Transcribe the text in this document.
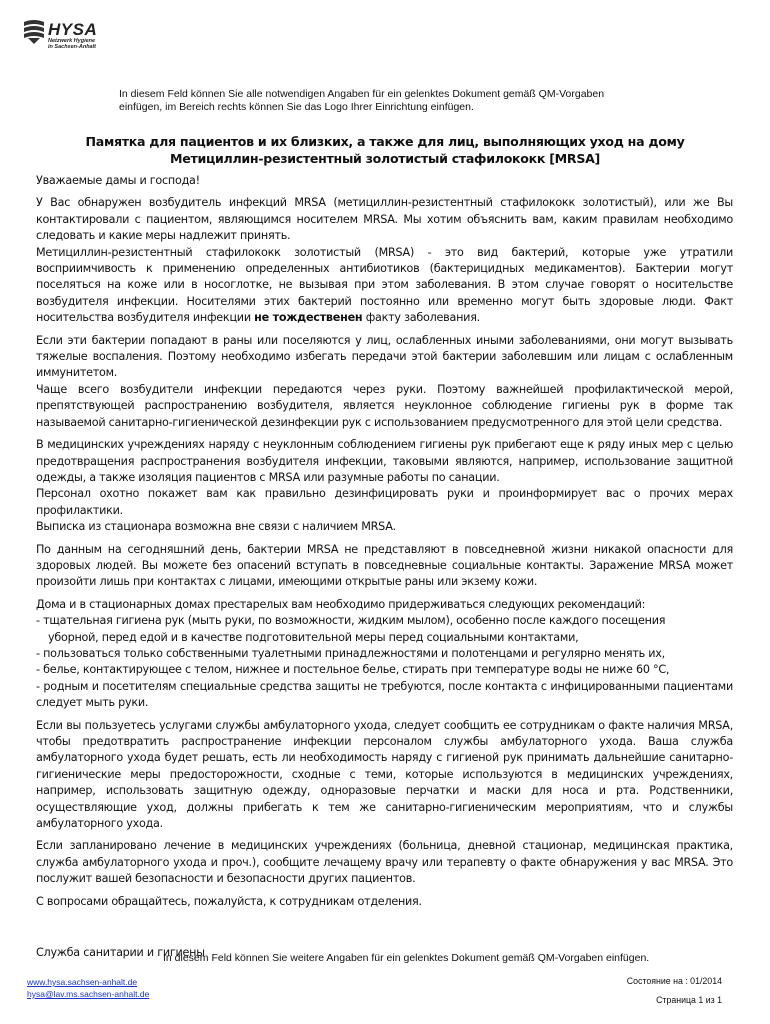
HYSA
Netzwerk Hygiene
in Sachsen-Anhalt
In diesem Feld können Sie alle notwendigen Angaben für ein gelenktes Dokument gemäß QM-Vorgaben einfügen, im Bereich rechts können Sie das Logo Ihrer Einrichtung einfügen.
Памятка для пациентов и их близких, а также для лиц, выполняющих уход на дому
Метициллин-резистентный золотистый стафилококк [MRSA]

Уважаемые дамы и господа!

У Вас обнаружен возбудитель инфекций MRSA (метициллин-резистентный стафилококк золотистый), или же Вы контактировали с пациентом, являющимся носителем MRSA. Мы хотим объяснить вам, каким правилам необходимо следовать и какие меры надлежит принять.
Метициллин-резистентный стафилококк золотистый (MRSA) - это вид бактерий, которые уже утратили восприимчивость к применению определенных антибиотиков (бактерицидных медикаментов). Бактерии могут поселяться на коже или в носоглотке, не вызывая при этом заболевания. В этом случае говорят о носительстве возбудителя инфекции. Носителями этих бактерий постоянно или временно могут быть здоровые люди. Факт носительства возбудителя инфекции не тождественен факту заболевания.

Если эти бактерии попадают в раны или поселяются у лиц, ослабленных иными заболеваниями, они могут вызывать тяжелые воспаления. Поэтому необходимо избегать передачи этой бактерии заболевшим или лицам с ослабленным иммунитетом.
Чаще всего возбудители инфекции передаются через руки. Поэтому важнейшей профилактической мерой, препятствующей распространению возбудителя, является неуклонное соблюдение гигиены рук в форме так называемой санитарно-гигиенической дезинфекции рук с использованием предусмотренного для этой цели средства.

В медицинских учреждениях наряду с неуклонным соблюдением гигиены рук прибегают еще к ряду иных мер с целью предотвращения распространения возбудителя инфекции, таковыми являются, например, использование защитной одежды, а также изоляция пациентов с MRSA или разумные работы по санации.
Персонал охотно покажет вам как правильно дезинфицировать руки и проинформирует вас о прочих мерах профилактики.
Выписка из стационара возможна вне связи с наличием MRSA.

По данным на сегодняшний день, бактерии MRSA не представляют в повседневной жизни никакой опасности для здоровых людей. Вы можете без опасений вступать в повседневные социальные контакты. Заражение MRSA может произойти лишь при контактах с лицами, имеющими открытые раны или экзему кожи.

Дома и в стационарных домах престарелых вам необходимо придерживаться следующих рекомендаций:
- тщательная гигиена рук (мыть руки, по возможности, жидким мылом), особенно после каждого посещения
уборной, перед едой и в качестве подготовительной меры перед социальными контактами,
- пользоваться только собственными туалетными принадлежностями и полотенцами и регулярно менять их,
- белье, контактирующее с телом, нижнее и постельное белье, стирать при температуре воды не ниже 60 °C,
- родным и посетителям специальные средства защиты не требуются, после контакта с инфицированными пациентами следует мыть руки.

Если вы пользуетесь услугами службы амбулаторного ухода, следует сообщить ее сотрудникам о факте наличия MRSA, чтобы предотвратить распространение инфекции персоналом службы амбулаторного ухода. Ваша служба амбулаторного ухода будет решать, есть ли необходимость наряду с гигиеной рук принимать дальнейшие санитарно-гигиенические меры предосторожности, сходные с теми, которые используются в медицинских учреждениях, например, использовать защитную одежду, одноразовые перчатки и маски для носа и рта. Родственники, осуществляющие уход, должны прибегать к тем же санитарно-гигиеническим мероприятиям, что и службы амбулаторного ухода.

Если запланировано лечение в медицинских учреждениях (больница, дневной стационар, медицинская практика, служба амбулаторного ухода и проч.), сообщите лечащему врачу или терапевту о факте обнаружения у вас MRSA. Это послужит вашей безопасности и безопасности других пациентов.

С вопросами обращайтесь, пожалуйста, к сотрудникам отделения.

Служба санитарии и гигиены
In diesem Feld können Sie weitere Angaben für ein gelenktes Dokument gemäß QM-Vorgaben einfügen.
www.hysa.sachsen-anhalt.de
hysa@lav.ms.sachsen-anhalt.de
Состояние на : 01/2014
Страница 1 из 1
